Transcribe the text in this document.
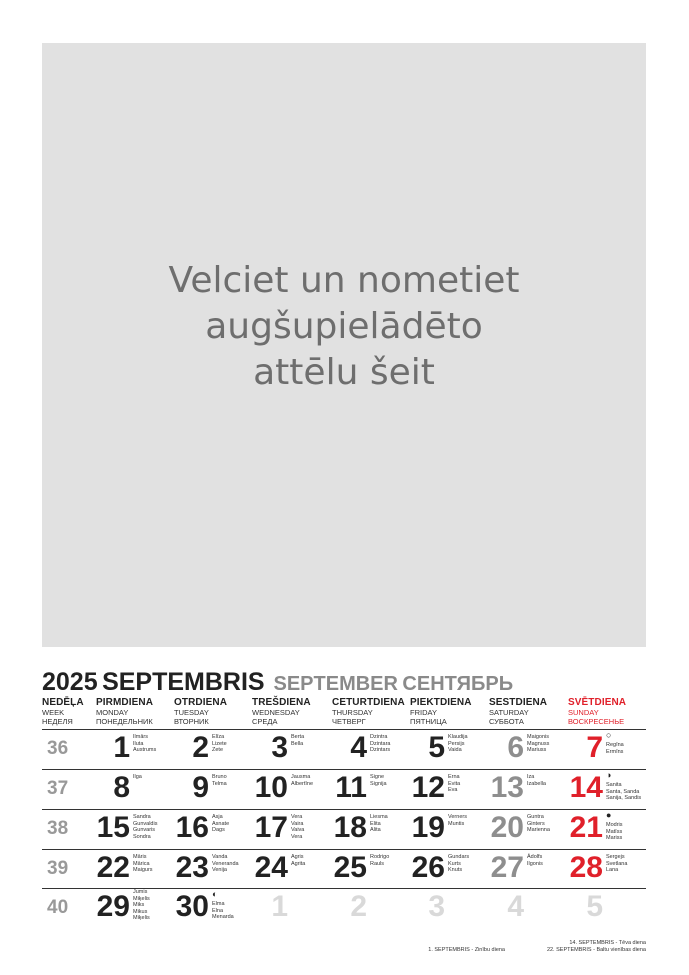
Velciet un nometiet
augšupielādēto
attēlu šeit
2025 SEPTEMBRIS SEPTEMBER СЕНТЯБРЬ
NEDĒĻA
WEEK
НЕДЕЛЯ
PIRMDIENA
MONDAY
ПОНЕДЕЛЬНИК
OTRDIENA
TUESDAY
ВТОРНИК
TREŠDIENA
WEDNESDAY
СРЕДА
CETURTDIENA
THURSDAY
ЧЕТВЕРГ
PIEKTDIENA
FRIDAY
ПЯТНИЦА
SESTDIENA
SATURDAY
СУББОТА
SVĒTDIENA
SUNDAY
ВОСКРЕСЕНЬЕ
36 1 Ilmārs
Iluta
Austrums 2 Elīza
Lizete
Zete 3 Berta
Bella 4 Dzintra
Dzintara
Dzintars 5 Klaudija
Persijs
Vaida 6 Maigonis
Magnuss
Mariuss 7 Regīna
Ermīns
○
37 8 Ilga 9 Bruno
Telma 10 Jausma
Albertīne 11 Signe
Signija 12 Erna
Evita
Eva 13 Iza
Izabella 14 Sanita
Santa, Sanda
Sanija, Sandis
◑
38 15 Sandra
Gunvaldis
Gunvaris
Sondra 16 Asja
Asnate
Dags 17 Vera
Vaira
Vaiva
Vera 18 Liesma
Elita
Alita 19 Verners
Muntis 20 Guntra
Ginters
Marienna 21 Modris
Matīss
Mariss
●
39 22 Māris
Mārica
Maigurs 23 Vanda
Veneranda
Venija 24 Agris
Agrita 25 Rodrigo
Rauls 26 Gundars
Kurts
Knuts 27 Ādolfs
Ilgonis 28 Sergejs
Svetlana
Lana
40 29 Jumis
Miķelis
Miks
Mikus
Miķelis 30 Elma
Elna
Menarda
◐ 1 2 3 4 5
1. SEPTEMBRIS - Zinību diena
14. SEPTEMBRIS - Tēva diena
22. SEPTEMBRIS - Baltu vienības diena
